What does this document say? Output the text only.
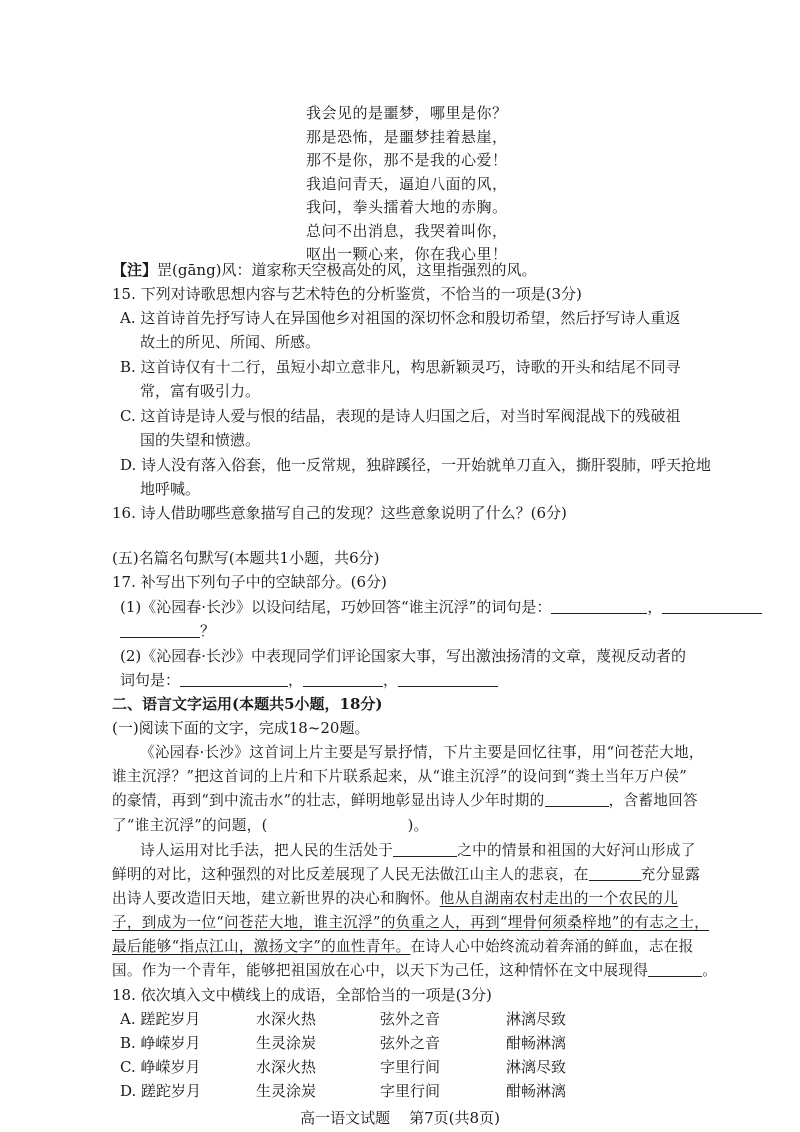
我会见的是噩梦，哪里是你？
那是恐怖，是噩梦挂着悬崖，
那不是你，那不是我的心爱！
我追问青天，逼迫八面的风，
我问，拳头擂着大地的赤胸。
总问不出消息，我哭着叫你，
呕出一颗心来，你在我心里！
【注】罡(gāng)风：道家称天空极高处的风，这里指强烈的风。
15. 下列对诗歌思想内容与艺术特色的分析鉴赏，不恰当的一项是(3分)
A. 这首诗首先抒写诗人在异国他乡对祖国的深切怀念和殷切希望，然后抒写诗人重返
故土的所见、所闻、所感。
B. 这首诗仅有十二行，虽短小却立意非凡，构思新颖灵巧，诗歌的开头和结尾不同寻
常，富有吸引力。
C. 这首诗是诗人爱与恨的结晶，表现的是诗人归国之后，对当时军阀混战下的残破祖
国的失望和愤懑。
D. 诗人没有落入俗套，他一反常规，独辟蹊径，一开始就单刀直入，撕肝裂肺，呼天抢地
地呼喊。
16. 诗人借助哪些意象描写自己的发现？这些意象说明了什么？(6分)
(五)名篇名句默写(本题共1小题，共6分)
17. 补写出下列句子中的空缺部分。(6分)
(1)《沁园春·长沙》以设问结尾，巧妙回答“谁主沉浮”的词句是：	，
？
(2)《沁园春·长沙》中表现同学们评论国家大事，写出激浊扬清的文章，蔑视反动者的
词句是：	，	，
二、语言文字运用(本题共5小题，18分)
(一)阅读下面的文字，完成18~20题。
《沁园春·长沙》这首词上片主要是写景抒情，下片主要是回忆往事，用“问苍茫大地，
谁主沉浮？”把这首词的上片和下片联系起来，从“谁主沉浮”的设问到“粪土当年万户侯”
的豪情，再到“到中流击水”的壮志，鲜明地彰显出诗人少年时期的	，含蓄地回答
了“谁主沉浮”的问题，(	)。
诗人运用对比手法，把人民的生活处于	之中的情景和祖国的大好河山形成了
鲜明的对比，这种强烈的对比反差展现了人民无法做江山主人的悲哀，在	充分显露
出诗人要改造旧天地，建立新世界的决心和胸怀。他从自湖南农村走出的一个农民的儿
子，到成为一位“问苍茫大地，谁主沉浮”的负重之人，再到“埋骨何须桑梓地”的有志之士，
最后能够“指点江山，激扬文字”的血性青年。在诗人心中始终流动着奔涌的鲜血，志在报
国。作为一个青年，能够把祖国放在心中，以天下为己任，这种情怀在文中展现得	。
18. 依次填入文中横线上的成语，全部恰当的一项是(3分)
A. 蹉跎岁月	水深火热	弦外之音	淋漓尽致
B. 峥嵘岁月	生灵涂炭	弦外之音	酣畅淋漓
C. 峥嵘岁月	水深火热	字里行间	淋漓尽致
D. 蹉跎岁月	生灵涂炭	字里行间	酣畅淋漓
高一语文试题    第7页(共8页)
